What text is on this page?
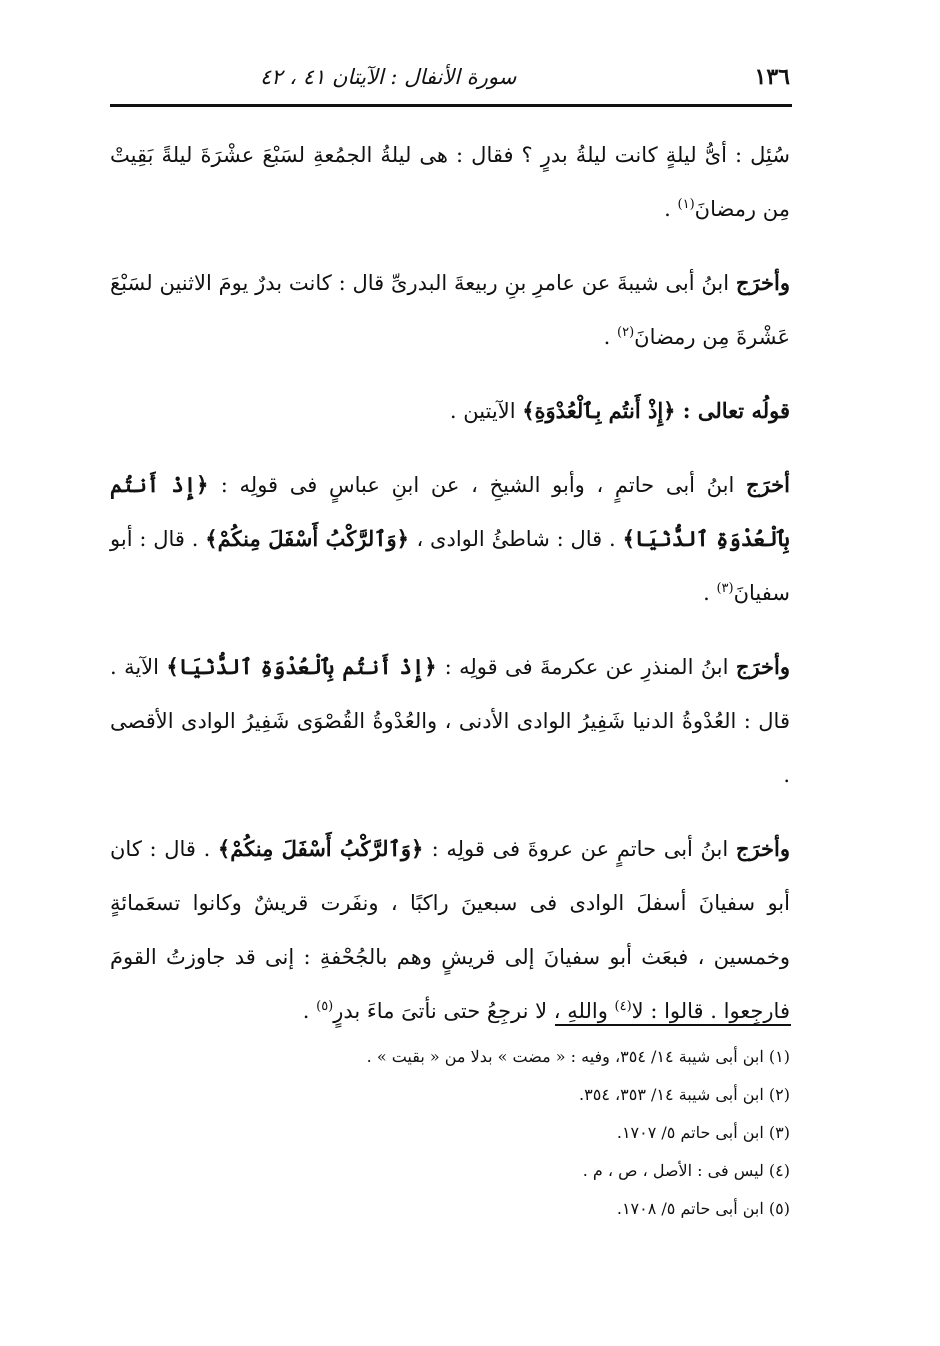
١٣٦
سورة الأنفال : الآيتان ٤١ ، ٤٢

سُئِل : أىُّ ليلةٍ كانت ليلةُ بدرٍ ؟ فقال : هى ليلةُ الجمُعةِ لسَبْعَ عشْرَةَ ليلةً بَقِيتْ مِن رمضانَ$^{(١)}$ .

وأخرَج ابنُ أبى شيبةَ عن عامرِ بنِ ربيعةَ البدرىِّ قال : كانت بدرٌ يومَ الاثنين لسَبْعَ عَشْرةَ مِن رمضانَ$^{(٢)}$ .

قولُه تعالى : ﴿إِذْ أَنتُم بِٱلْعُدْوَةِ﴾ الآيتين .

أخرَج ابنُ أبى حاتمٍ ، وأبو الشيخِ ، عن ابنِ عباسٍ فى قولِه : ﴿إِذْ أَنتُم بِٱلْعُدْوَةِ ٱلدُّنْيَا﴾ . قال : شاطئُ الوادى ، ﴿وَٱلرَّكْبُ أَسْفَلَ مِنكُمْ﴾ . قال : أبو سفيانَ$^{(٣)}$ .

وأخرَج ابنُ المنذرِ عن عكرمةَ فى قولِه : ﴿إِذْ أَنتُم بِٱلْعُدْوَةِ ٱلدُّنْيَا﴾ الآية . قال : العُدْوةُ الدنيا شَفِيرُ الوادى الأدنى ، والعُدْوةُ القُصْوَى شَفِيرُ الوادى الأقصى .

وأخرَج ابنُ أبى حاتمٍ عن عروةَ فى قولِه : ﴿وَٱلرَّكْبُ أَسْفَلَ مِنكُمْ﴾ . قال : كان أبو سفيانَ أسفلَ الوادى فى سبعينَ راكبًا ، ونفَرت قريشٌ وكانوا تسعَمائةٍ وخمسين ، فبعَث أبو سفيانَ إلى قريشٍ وهم بالجُحْفةِ : إنى قد جاوزتُ القومَ فارجِعوا . قالوا : لا$^{(٤)}$ واللهِ ، لا نرجِعُ حتى نأتىَ ماءَ بدرٍ$^{(٥)}$ .

(١) ابن أبى شيبة ١٤/ ٣٥٤، وفيه : « مضت » بدلا من « بقيت » .

(٢) ابن أبى شيبة ١٤/ ٣٥٣، ٣٥٤.

(٣) ابن أبى حاتم ٥/ ١٧٠٧.

(٤) ليس فى : الأصل ، ص ، م .

(٥) ابن أبى حاتم ٥/ ١٧٠٨.
